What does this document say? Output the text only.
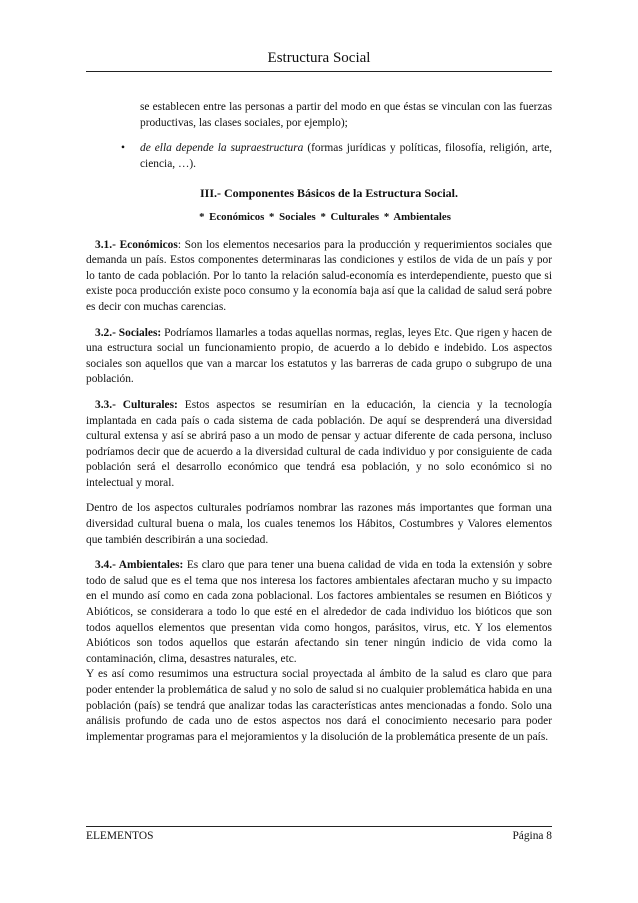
Estructura Social

se establecen entre las personas a partir del modo en que éstas se vinculan con las fuerzas productivas, las clases sociales, por ejemplo);

• de ella depende la supraestructura (formas jurídicas y políticas, filosofía, religión, arte, ciencia, …).

III.- Componentes Básicos de la Estructura Social.

* Económicos * Sociales * Culturales * Ambientales

3.1.- Económicos: Son los elementos necesarios para la producción y requerimientos sociales que demanda un país. Estos componentes determinaras las condiciones y estilos de vida de un país y por lo tanto de cada población. Por lo tanto la relación salud-economía es interdependiente, puesto que si existe poca producción existe poco consumo y la economía baja así que la calidad de salud será pobre es decir con muchas carencias.

3.2.- Sociales: Podríamos llamarles a todas aquellas normas, reglas, leyes Etc. Que rigen y hacen de una estructura social un funcionamiento propio, de acuerdo a lo debido e indebido. Los aspectos sociales son aquellos que van a marcar los estatutos y las barreras de cada grupo o subgrupo de una población.

3.3.- Culturales: Estos aspectos se resumirían en la educación, la ciencia y la tecnología implantada en cada país o cada sistema de cada población. De aquí se desprenderá una diversidad cultural extensa y así se abrirá paso a un modo de pensar y actuar diferente de cada persona, incluso podríamos decir que de acuerdo a la diversidad cultural de cada individuo y por consiguiente de cada población será el desarrollo económico que tendrá esa población, y no solo económico si no intelectual y moral.

Dentro de los aspectos culturales podríamos nombrar las razones más importantes que forman una diversidad cultural buena o mala, los cuales tenemos los Hábitos, Costumbres y Valores elementos que también describirán a una sociedad.

3.4.- Ambientales: Es claro que para tener una buena calidad de vida en toda la extensión y sobre todo de salud que es el tema que nos interesa los factores ambientales afectaran mucho y su impacto en el mundo así como en cada zona poblacional. Los factores ambientales se resumen en Bióticos y Abióticos, se considerara a todo lo que esté en el alrededor de cada individuo los bióticos que son todos aquellos elementos que presentan vida como hongos, parásitos, virus, etc. Y los elementos Abióticos son todos aquellos que estarán afectando sin tener ningún indicio de vida como la contaminación, clima, desastres naturales, etc.

Y es así como resumimos una estructura social proyectada al ámbito de la salud es claro que para poder entender la problemática de salud y no solo de salud si no cualquier problemática habida en una población (país) se tendrá que analizar todas las características antes mencionadas a fondo. Solo una análisis profundo de cada uno de estos aspectos nos dará el conocimiento necesario para poder implementar programas para el mejoramientos y la disolución de la problemática presente de un país.

ELEMENTOS	Página 8
